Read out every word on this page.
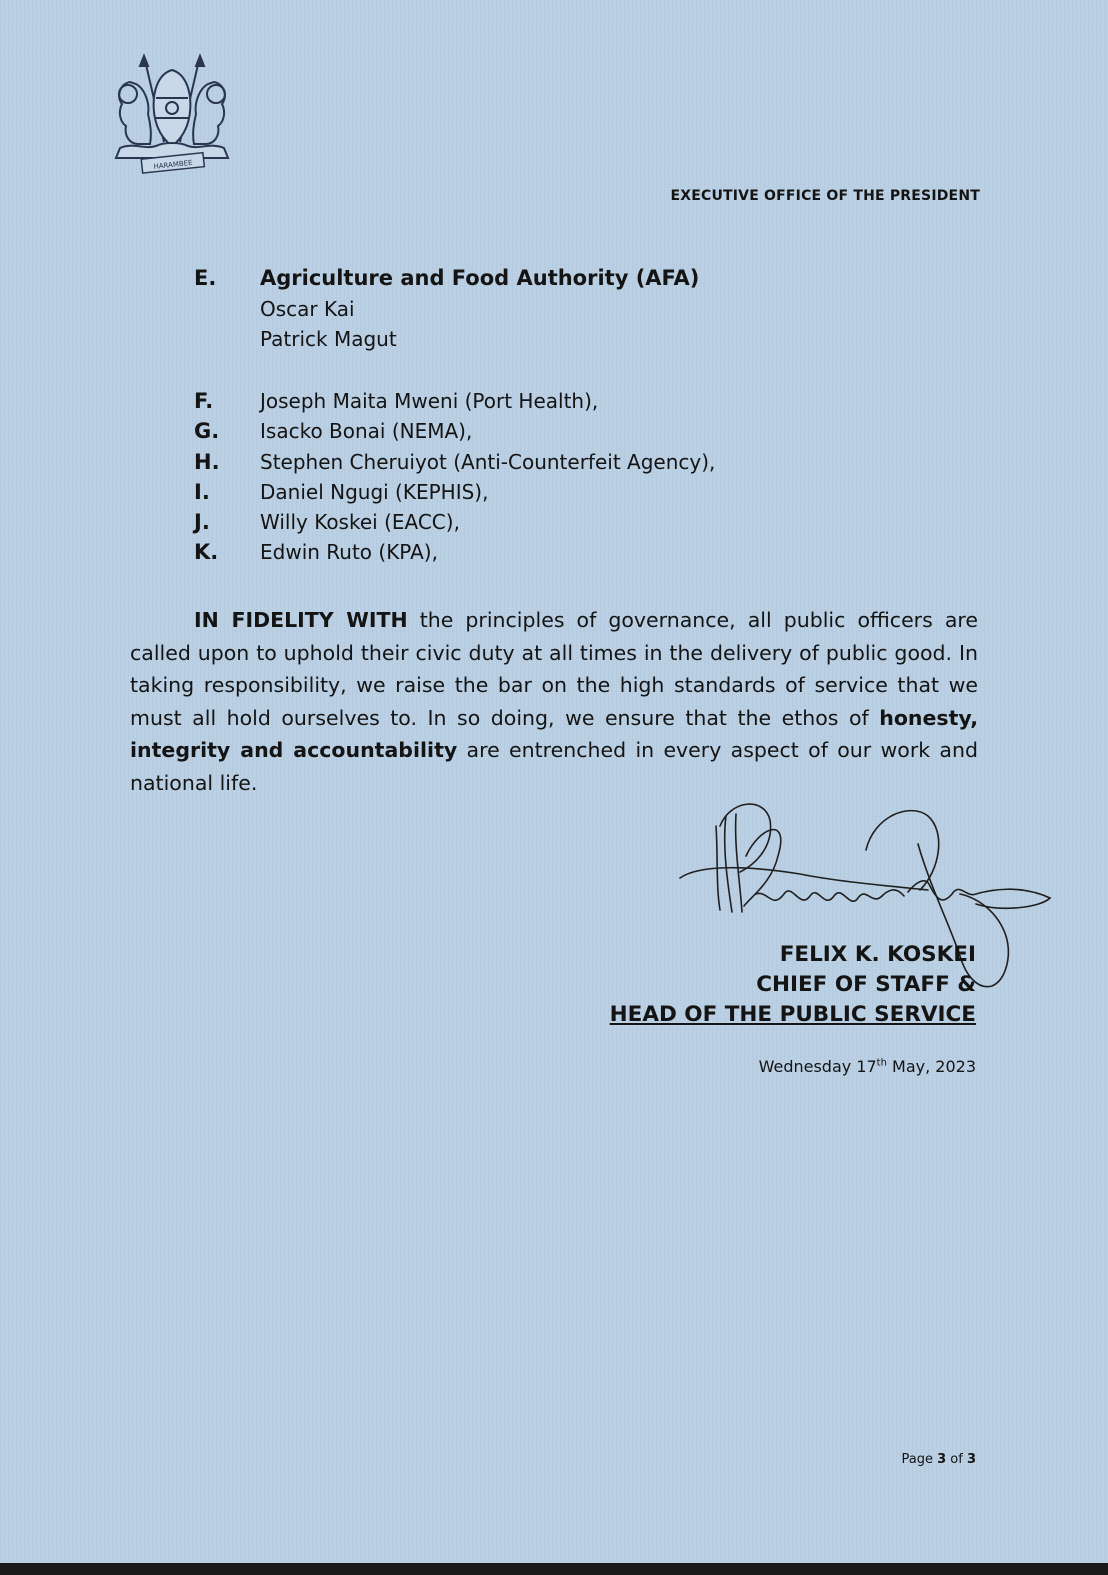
HARAMBEE
EXECUTIVE OFFICE OF THE PRESIDENT
E. Agriculture and Food Authority (AFA)
Oscar Kai
Patrick Magut
F. Joseph Maita Mweni (Port Health),
G. Isacko Bonai (NEMA),
H. Stephen Cheruiyot (Anti-Counterfeit Agency),
I.	Daniel Ngugi (KEPHIS),
J.	Willy Koskei (EACC),
K. Edwin Ruto (KPA),
IN FIDELITY WITH the principles of governance, all public officers are called upon to uphold their civic duty at all times in the delivery of public good. In taking responsibility, we raise the bar on the high standards of service that we must all hold ourselves to. In so doing, we ensure that the ethos of honesty, integrity and accountability are entrenched in every aspect of our work and national life.
FELIX K. KOSKEI
CHIEF OF STAFF &
HEAD OF THE PUBLIC SERVICE
Wednesday 17th May, 2023
Page 3 of 3
